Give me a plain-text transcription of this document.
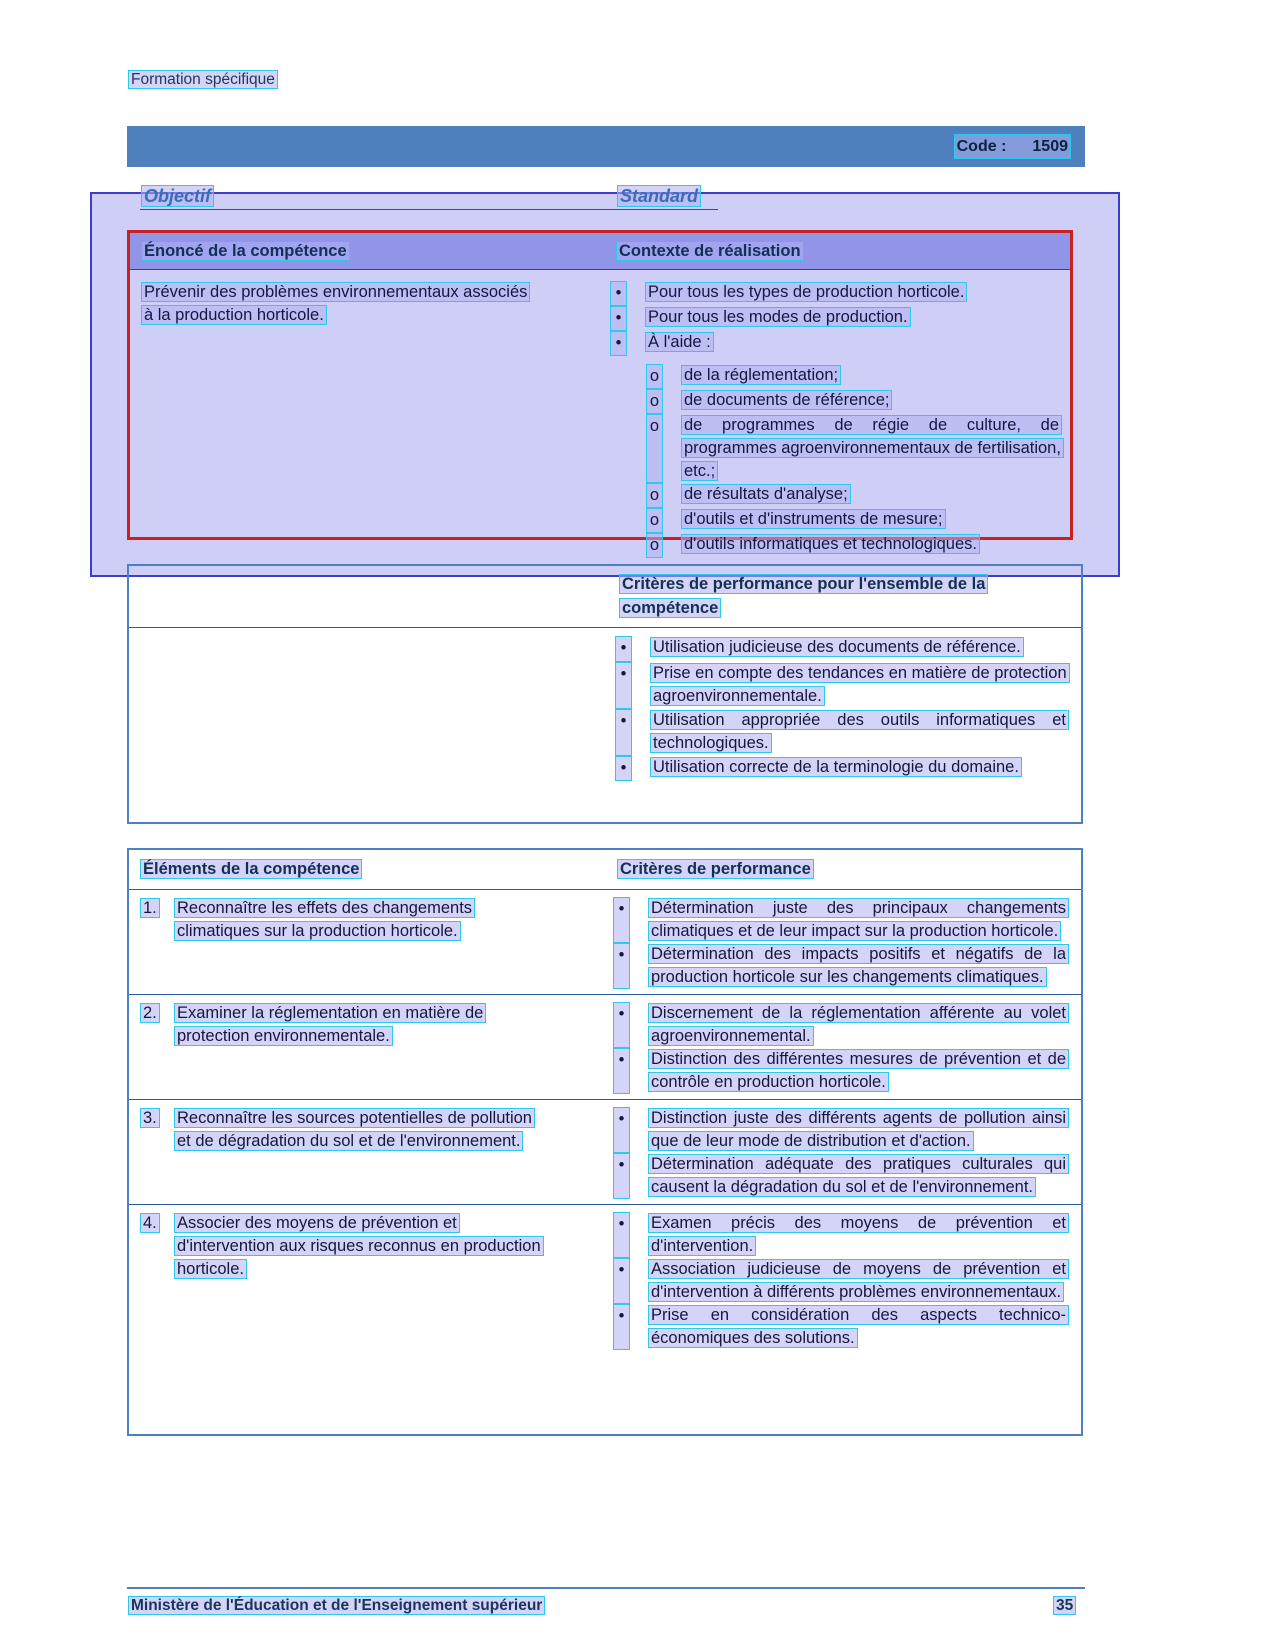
Formation spécifique
Code : 1509
Objectif	Standard
Énoncé de la compétence	Contexte de réalisation
Prévenir des problèmes environnementaux associés à la production horticole.
•	Pour tous les types de production horticole.
•	Pour tous les modes de production.
•	À l'aide :
o de la réglementation;
o de documents de référence;
o de programmes de régie de culture, de programmes agroenvironnementaux de fertilisation, etc.;
o de résultats d'analyse;
o d'outils et d'instruments de mesure;
o d'outils informatiques et technologiques.
Critères de performance pour l'ensemble de la compétence
•	Utilisation judicieuse des documents de référence.
•	Prise en compte des tendances en matière de protection agroenvironnementale.
•	Utilisation appropriée des outils informatiques et technologiques.
•	Utilisation correcte de la terminologie du domaine.
Éléments de la compétence	Critères de performance
1.	Reconnaître les effets des changements climatiques sur la production horticole.
•	Détermination juste des principaux changements climatiques et de leur impact sur la production horticole.
•	Détermination des impacts positifs et négatifs de la production horticole sur les changements climatiques.
2.	Examiner la réglementation en matière de protection environnementale.
•	Discernement de la réglementation afférente au volet agroenvironnemental.
•	Distinction des différentes mesures de prévention et de contrôle en production horticole.
3.	Reconnaître les sources potentielles de pollution et de dégradation du sol et de l'environnement.
•	Distinction juste des différents agents de pollution ainsi que de leur mode de distribution et d'action.
•	Détermination adéquate des pratiques culturales qui causent la dégradation du sol et de l'environnement.
4.	Associer des moyens de prévention et d'intervention aux risques reconnus en production horticole.
•	Examen précis des moyens de prévention et d'intervention.
•	Association judicieuse de moyens de prévention et d'intervention à différents problèmes environnementaux.
•	Prise en considération des aspects technico-économiques des solutions.
Ministère de l'Éducation et de l'Enseignement supérieur	35
